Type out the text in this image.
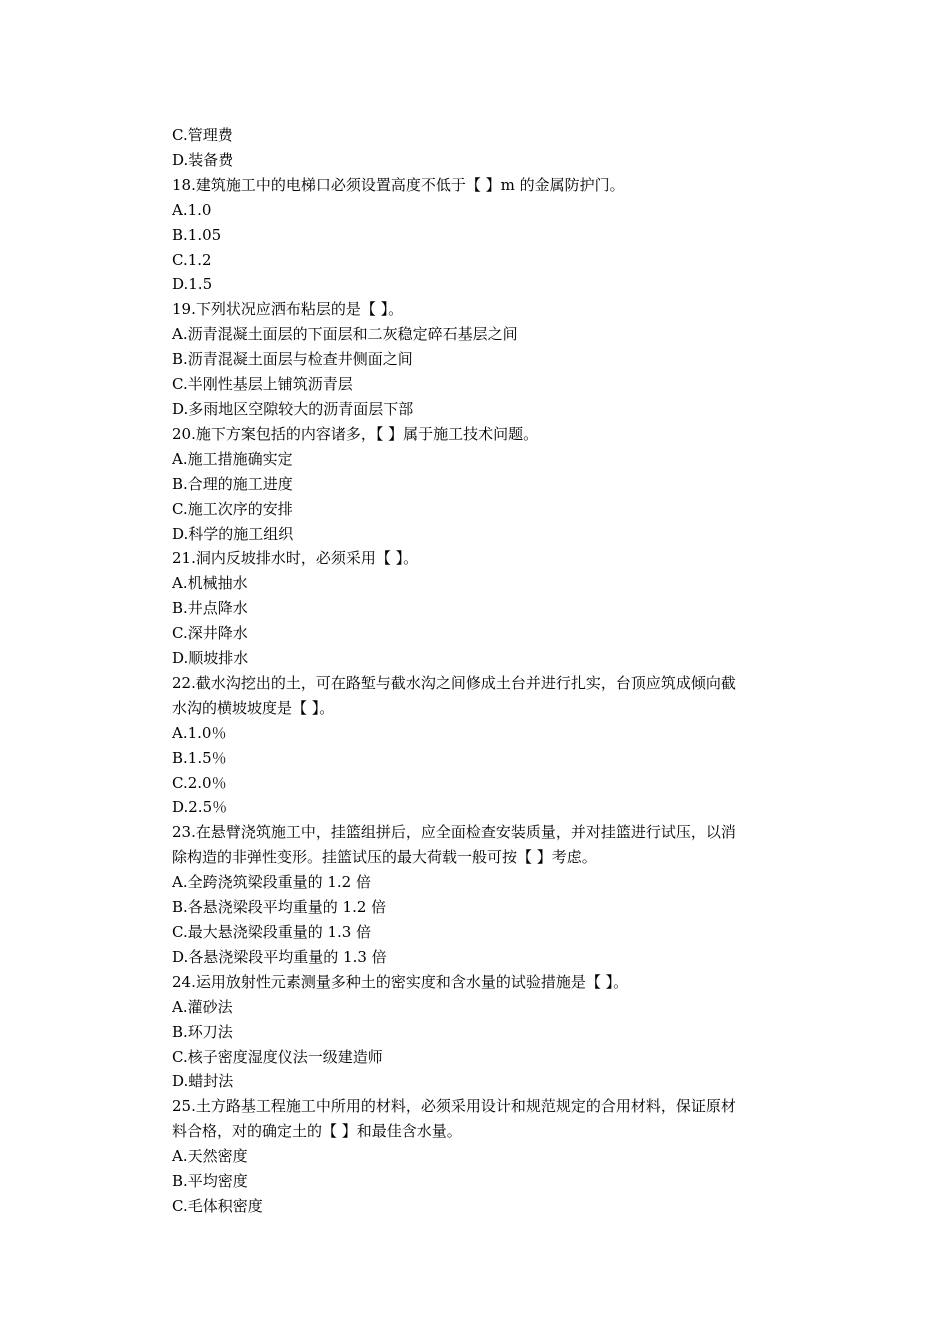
C.管理费

D.装备费

18.建筑施工中的电梯口必须设置高度不低于【 】m 的金属防护门。

A.1.0

B.1.05

C.1.2

D.1.5

19.下列状况应洒布粘层的是【 】。

A.沥青混凝土面层的下面层和二灰稳定碎石基层之间

B.沥青混凝土面层与检查井侧面之间

C.半刚性基层上铺筑沥青层

D.多雨地区空隙较大的沥青面层下部

20.施下方案包括的内容诸多，【 】属于施工技术问题。

A.施工措施确实定

B.合理的施工进度

C.施工次序的安排

D.科学的施工组织

21.洞内反坡排水时，必须采用【 】。

A.机械抽水

B.井点降水

C.深井降水

D.顺坡排水

22.截水沟挖出的土，可在路堑与截水沟之间修成土台并进行扎实，台顶应筑成倾向截

水沟的横坡坡度是【 】。

A.1.0％

B.1.5％

C.2.0％

D.2.5％

23.在悬臂浇筑施工中，挂篮组拼后，应全面检查安装质量，并对挂篮进行试压，以消

除构造的非弹性变形。挂篮试压的最大荷载一般可按【 】考虑。

A.全跨浇筑梁段重量的 1.2 倍

B.各悬浇梁段平均重量的 1.2 倍

C.最大悬浇梁段重量的 1.3 倍

D.各悬浇梁段平均重量的 1.3 倍

24.运用放射性元素测量多种土的密实度和含水量的试验措施是【 】。

A.灌砂法

B.环刀法

C.核子密度湿度仪法一级建造师

D.蜡封法

25.土方路基工程施工中所用的材料，必须采用设计和规范规定的合用材料，保证原材

料合格，对的确定土的【 】和最佳含水量。

A.天然密度

B.平均密度

C.毛体积密度
